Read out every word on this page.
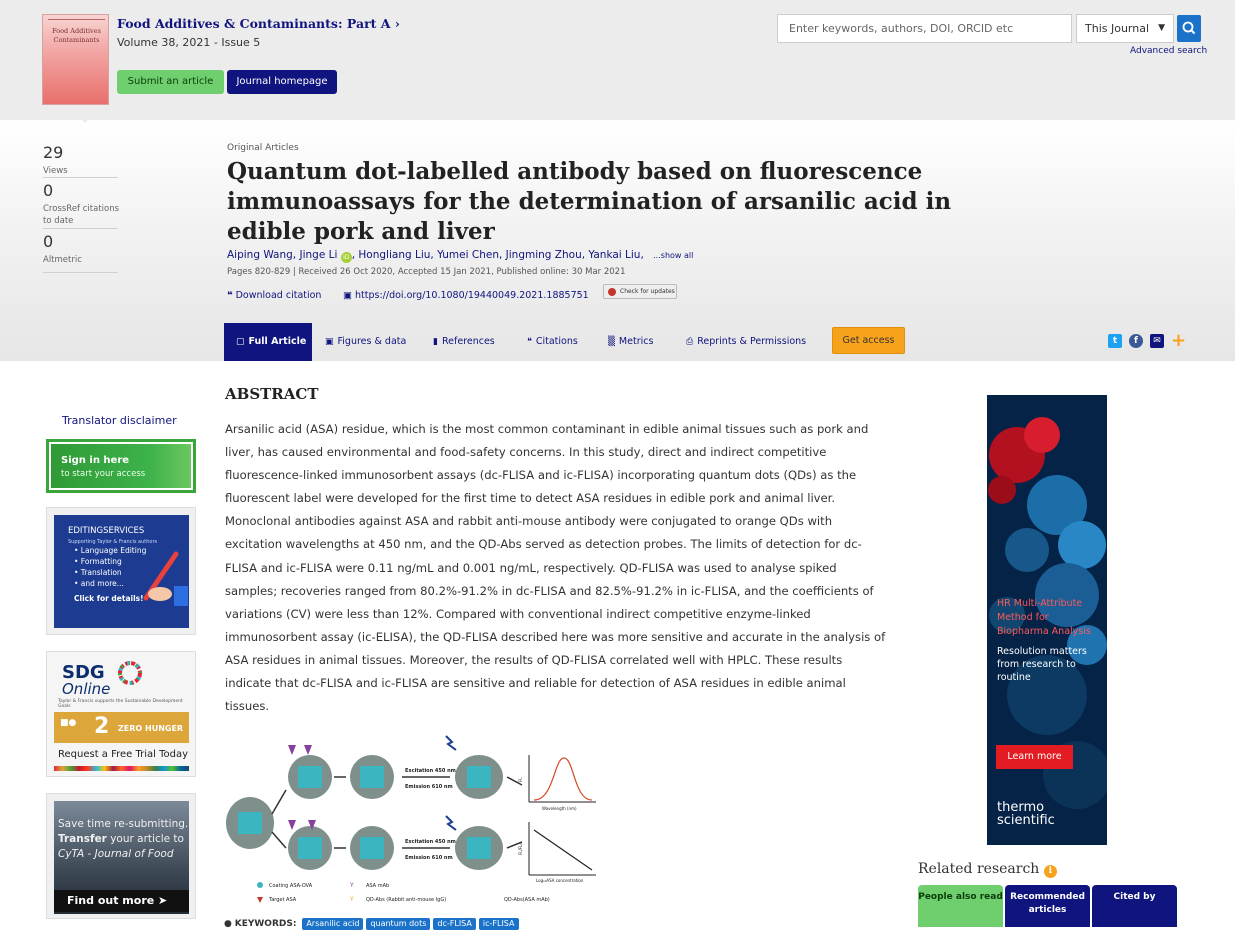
Food Additives
Contaminants
Food Additives & Contaminants: Part A ›
Volume 38, 2021 - Issue 5
Submit an article	Journal homepage
Enter keywords, authors, DOI, ORCID etc	This Journal ▼
Advanced search
29
Views
0
CrossRef citations to date
0
Altmetric
Original Articles
Quantum dot-labelled antibody based on fluorescence immunoassays for the determination of arsanilic acid in edible pork and liver
Aiping Wang, Jinge Li iD , Hongliang Liu, Yumei Chen, Jingming Zhou, Yankai Liu, ...show all
Pages 820-829 | Received 26 Oct 2020, Accepted 15 Jan 2021, Published online: 30 Mar 2021
❝ Download citation ▣ https://doi.org/10.1080/19440049.2021.1885751	Check for updates
▢ Full Article	▣ Figures & data	▮ References	❝ Citations	▒ Metrics	⎙ Reprints & Permissions	Get access	t	f	✉ +
Translator disclaimer
Sign in here
to start your access
EDITINGSERVICES
Supporting Taylor & Francis authors
• Language Editing
• Formatting
• Translation
• and more...
Click for details!
SDG
Online
Taylor & Francis supports the Sustainable Development Goals
■● 2 ZERO HUNGER
Request a Free Trial Today
Save time re-submitting.
Transfer your article to
CyTA - Journal of Food
Find out more ➤
ABSTRACT
Arsanilic acid (ASA) residue, which is the most common contaminant in edible animal tissues such as pork and liver, has caused environmental and food-safety concerns. In this study, direct and indirect competitive fluorescence-linked immunosorbent assays (dc-FLISA and ic-FLISA) incorporating quantum dots (QDs) as the fluorescent label were developed for the first time to detect ASA residues in edible pork and animal liver. Monoclonal antibodies against ASA and rabbit anti-mouse antibody were conjugated to orange QDs with excitation wavelengths at 450 nm, and the QD-Abs served as detection probes. The limits of detection for dc-FLISA and ic-FLISA were 0.11 ng/mL and 0.001 ng/mL, respectively. QD-FLISA was used to analyse spiked samples; recoveries ranged from 80.2%-91.2% in dc-FLISA and 82.5%-91.2% in ic-FLISA, and the coefficients of variations (CV) were less than 12%. Compared with conventional indirect competitive enzyme-linked immunosorbent assay (ic-ELISA), the QD-FLISA described here was more sensitive and accurate in the analysis of ASA residues in animal tissues. Moreover, the results of QD-FLISA correlated well with HPLC. These results indicate that dc-FLISA and ic-FLISA are sensitive and reliable for detection of ASA residues in edible animal tissues.
Excitation 450 nm
Emission 610 nm
Excitation 450 nm
Emission 610 nm
FL
Wavelength (nm)
FL/FL₀
Log₁₀ASA concentration
Coating ASA-OVA
Target ASA
Y ASA mAb
Y QD-Abs (Rabbit anti-mouse IgG)	QD-Abs(ASA mAb)
● KEYWORDS: Arsanilic acid quantum dots dc-FLISA ic-FLISA
HR Multi-Attribute
Method for
Biopharma Analysis
Resolution matters
from research to
routine
Learn more
thermo
scientific
Related research i
People also read Recommended articles
Cited by
